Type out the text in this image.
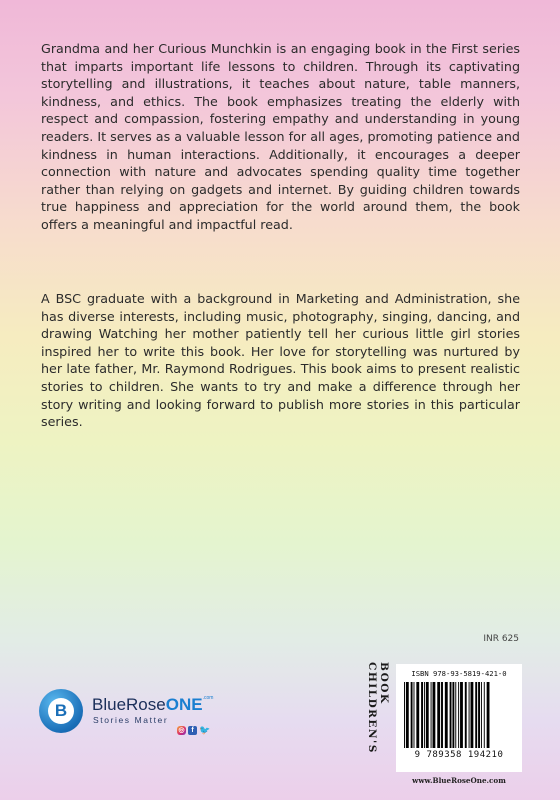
Grandma and her Curious Munchkin is an engaging book in the First series that imparts important life lessons to children. Through its captivating storytelling and illustrations, it teaches about nature, table manners, kindness, and ethics. The book emphasizes treating the elderly with respect and compassion, fostering empathy and understanding in young readers. It serves as a valuable lesson for all ages, promoting patience and kindness in human interactions. Additionally, it encourages a deeper connection with nature and advocates spending quality time together rather than relying on gadgets and internet. By guiding children towards true happiness and appreciation for the world around them, the book offers a meaningful and impactful read.

A BSC graduate with a background in Marketing and Administration, she has diverse interests, including music, photography, singing, dancing, and drawing Watching her mother patiently tell her curious little girl stories inspired her to write this book. Her love for storytelling was nurtured by her late father, Mr. Raymond Rodrigues. This book aims to present realistic stories to children. She wants to try and make a difference through her story writing and looking forward to publish more stories in this particular series.

INR 625
CHILDREN'S BOOK	ISBN 978-93-5819-421-0
9 789358 194210
www.BlueRoseOne.com
B	BlueRoseONE$^{.com}$
Stories Matter
◎ f 🐦
